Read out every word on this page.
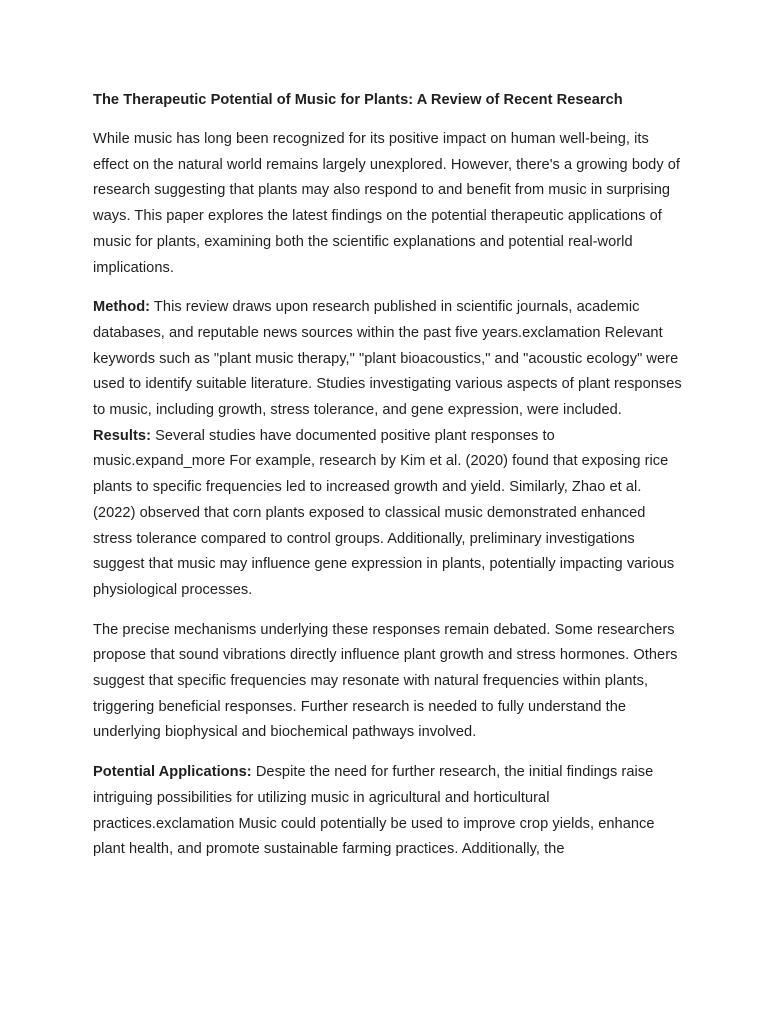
The Therapeutic Potential of Music for Plants: A Review of Recent Research

While music has long been recognized for its positive impact on human well-being, its effect on the natural world remains largely unexplored. However, there's a growing body of research suggesting that plants may also respond to and benefit from music in surprising ways. This paper explores the latest findings on the potential therapeutic applications of music for plants, examining both the scientific explanations and potential real-world implications.

Method: This review draws upon research published in scientific journals, academic databases, and reputable news sources within the past five years.exclamation Relevant keywords such as "plant music therapy," "plant bioacoustics," and "acoustic ecology" were used to identify suitable literature. Studies investigating various aspects of plant responses to music, including growth, stress tolerance, and gene expression, were included.

Results: Several studies have documented positive plant responses to music.expand_more For example, research by Kim et al. (2020) found that exposing rice plants to specific frequencies led to increased growth and yield. Similarly, Zhao et al. (2022) observed that corn plants exposed to classical music demonstrated enhanced stress tolerance compared to control groups. Additionally, preliminary investigations suggest that music may influence gene expression in plants, potentially impacting various physiological processes.

The precise mechanisms underlying these responses remain debated. Some researchers propose that sound vibrations directly influence plant growth and stress hormones. Others suggest that specific frequencies may resonate with natural frequencies within plants, triggering beneficial responses. Further research is needed to fully understand the underlying biophysical and biochemical pathways involved.

Potential Applications: Despite the need for further research, the initial findings raise intriguing possibilities for utilizing music in agricultural and horticultural practices.exclamation Music could potentially be used to improve crop yields, enhance plant health, and promote sustainable farming practices. Additionally, the
